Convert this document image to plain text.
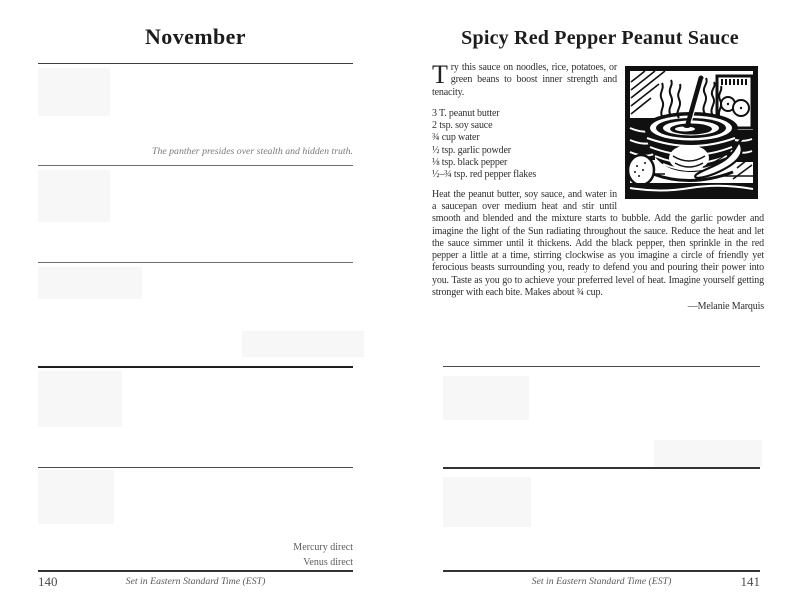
November
The panther presides over stealth and hidden truth.
Mercury direct
Venus direct
140	Set in Eastern Standard Time (EST)
Spicy Red Pepper Peanut Sauce

Try this sauce on noodles, rice, potatoes, or green beans to boost inner strength and tenacity.

3 T. peanut butter
2 tsp. soy sauce
¾ cup water
½ tsp. garlic powder
⅛ tsp. black pepper
½–¾ tsp. red pepper flakes

Heat the peanut butter, soy sauce, and water in a saucepan over medium heat and stir until smooth and blended and the mixture starts to bubble. Add the garlic powder and imagine the light of the Sun radiating throughout the sauce. Reduce the heat and let the sauce simmer until it thickens. Add the black pepper, then sprinkle in the red pepper a little at a time, stirring clockwise as you imagine a circle of friendly yet ferocious beasts surrounding you, ready to defend you and pouring their power into you. Taste as you go to achieve your preferred level of heat. Imagine yourself getting stronger with each bite. Makes about ¾ cup.

—Melanie Marquis
Set in Eastern Standard Time (EST)	141
